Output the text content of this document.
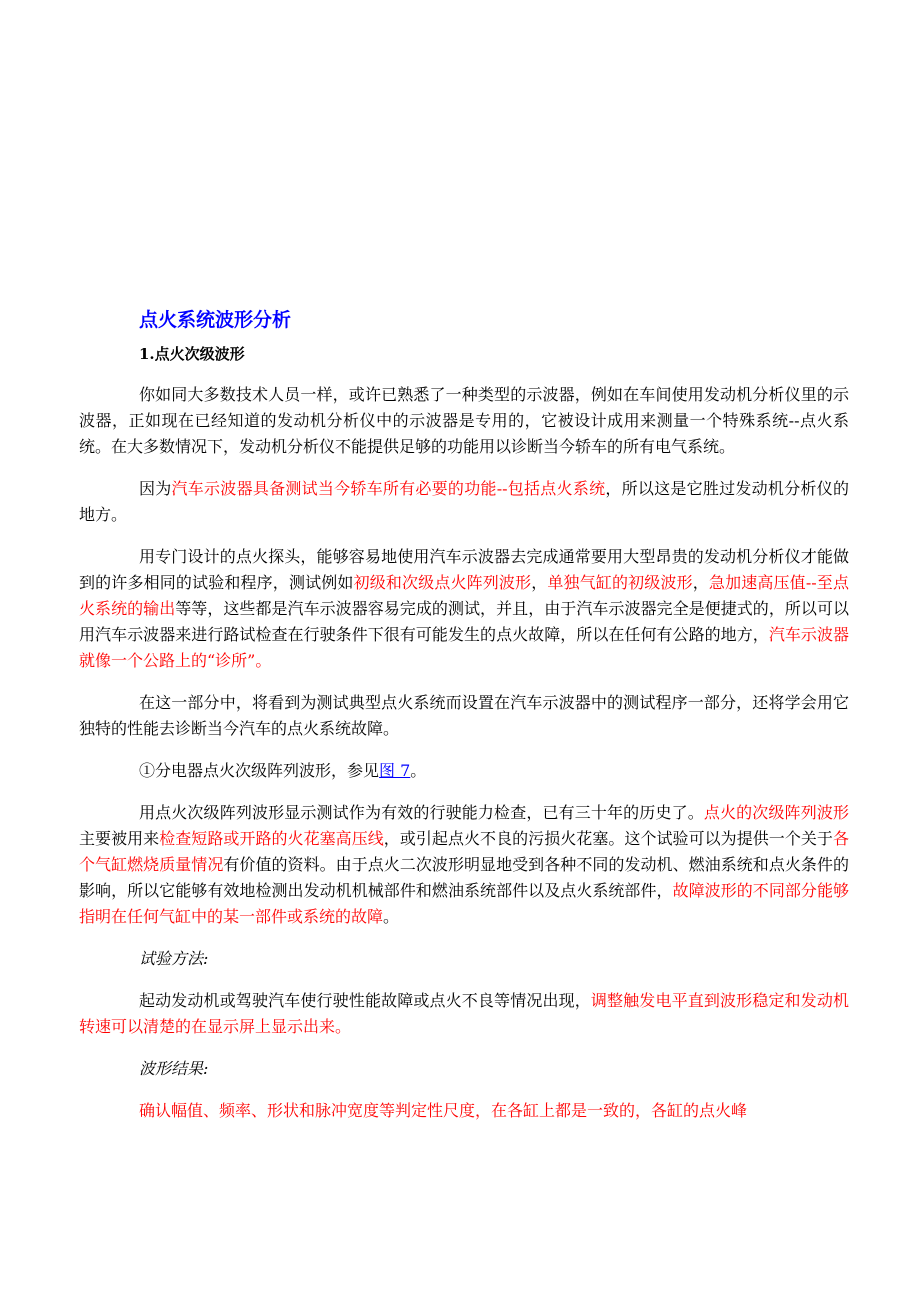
点火系统波形分析
1.点火次级波形

你如同大多数技术人员一样，或许已熟悉了一种类型的示波器，例如在车间使用发动机分析仪里的示波器，正如现在已经知道的发动机分析仪中的示波器是专用的，它被设计成用来测量一个特殊系统--点火系统。在大多数情况下，发动机分析仪不能提供足够的功能用以诊断当今轿车的所有电气系统。

因为汽车示波器具备测试当今轿车所有必要的功能--包括点火系统，所以这是它胜过发动机分析仪的地方。

用专门设计的点火探头，能够容易地使用汽车示波器去完成通常要用大型昂贵的发动机分析仪才能做到的许多相同的试验和程序，测试例如初级和次级点火阵列波形，单独气缸的初级波形，急加速高压值--至点火系统的输出等等，这些都是汽车示波器容易完成的测试，并且，由于汽车示波器完全是便捷式的，所以可以用汽车示波器来进行路试检查在行驶条件下很有可能发生的点火故障，所以在任何有公路的地方，汽车示波器就像一个公路上的“诊所”。

在这一部分中，将看到为测试典型点火系统而设置在汽车示波器中的测试程序一部分，还将学会用它独特的性能去诊断当今汽车的点火系统故障。

①分电器点火次级阵列波形，参见图 7。

用点火次级阵列波形显示测试作为有效的行驶能力检查，已有三十年的历史了。点火的次级阵列波形主要被用来检查短路或开路的火花塞高压线，或引起点火不良的污损火花塞。这个试验可以为提供一个关于各个气缸燃烧质量情况有价值的资料。由于点火二次波形明显地受到各种不同的发动机、燃油系统和点火条件的影响，所以它能够有效地检测出发动机机械部件和燃油系统部件以及点火系统部件，故障波形的不同部分能够指明在任何气缸中的某一部件或系统的故障。

试验方法:

起动发动机或驾驶汽车使行驶性能故障或点火不良等情况出现，调整触发电平直到波形稳定和发动机转速可以清楚的在显示屏上显示出来。

波形结果:

确认幅值、频率、形状和脉冲宽度等判定性尺度，在各缸上都是一致的，各缸的点火峰
